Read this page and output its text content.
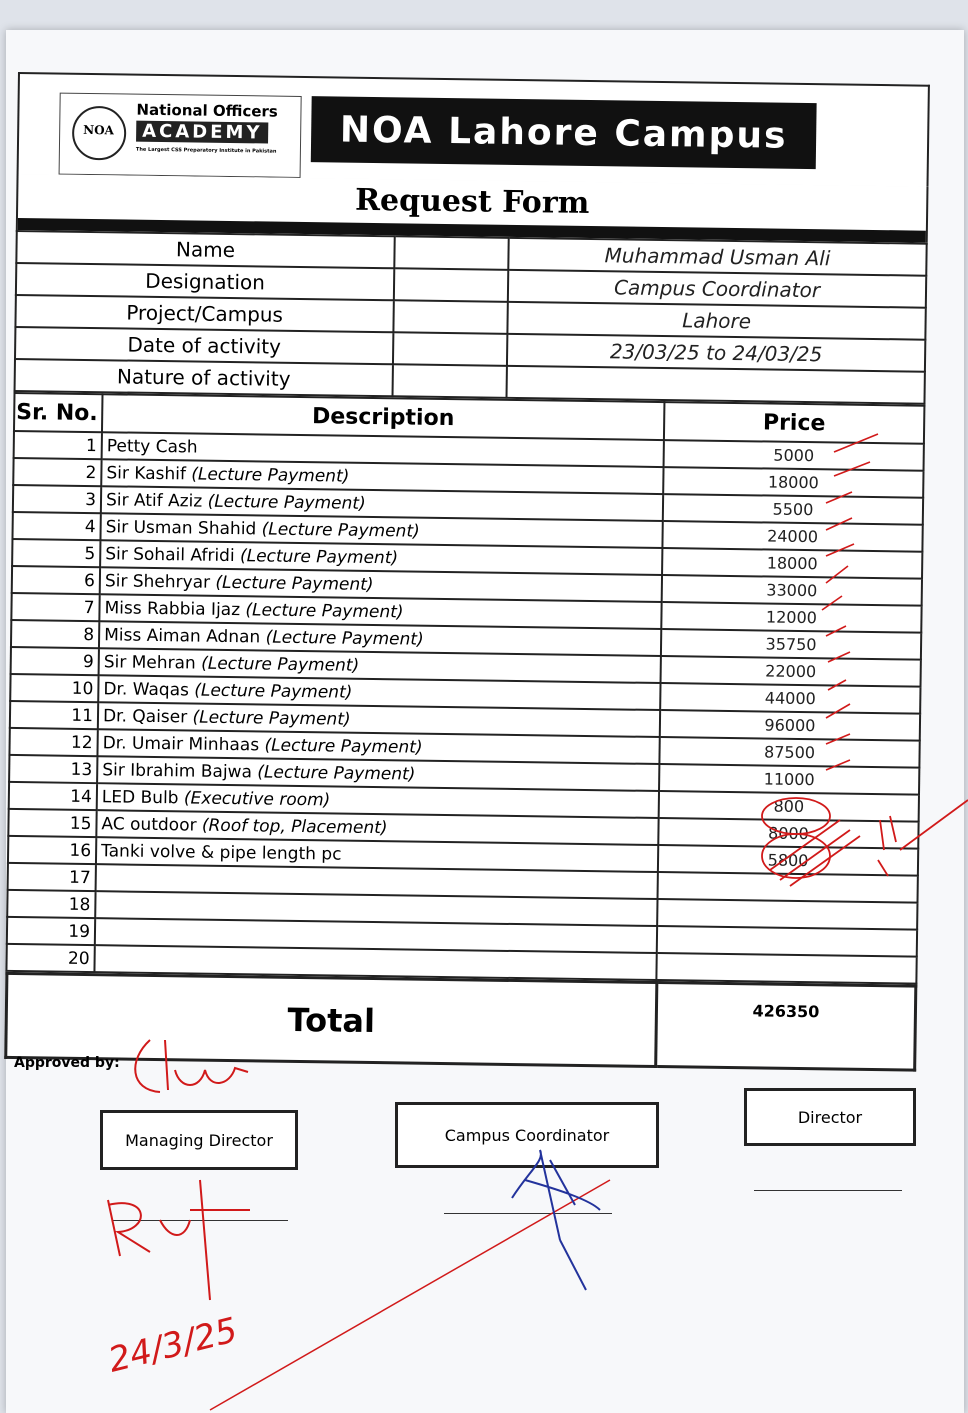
NOA
National Officers
ACADEMY
The Largest CSS Preparatory Institute in Pakistan	NOA Lahore Campus
Request Form
Name		Muhammad Usman Ali
Designation		Campus Coordinator
Project/Campus		Lahore
Date of activity		23/03/25 to 24/03/25
Nature of activity		
Sr. No.	Description	Price
1	Petty Cash	5000
2	Sir Kashif (Lecture Payment)	18000
3	Sir Atif Aziz (Lecture Payment)	5500
4	Sir Usman Shahid (Lecture Payment)	24000
5	Sir Sohail Afridi (Lecture Payment)	18000
6	Sir Shehryar (Lecture Payment)	33000
7	Miss Rabbia Ijaz (Lecture Payment)	12000
8	Miss Aiman Adnan (Lecture Payment)	35750
9	Sir Mehran (Lecture Payment)	22000
10	Dr. Waqas (Lecture Payment)	44000
11	Dr. Qaiser (Lecture Payment)	96000
12	Dr. Umair Minhaas (Lecture Payment)	87500
13	Sir Ibrahim Bajwa (Lecture Payment)	11000
14	LED Bulb (Executive room)	800
15	AC outdoor (Roof top, Placement)	8000
16	Tanki volve & pipe length pc	5800
17		
18		
19		
20		
Total	426350
Approved by:
Managing Director	Campus Coordinator
Director
24/3/25
